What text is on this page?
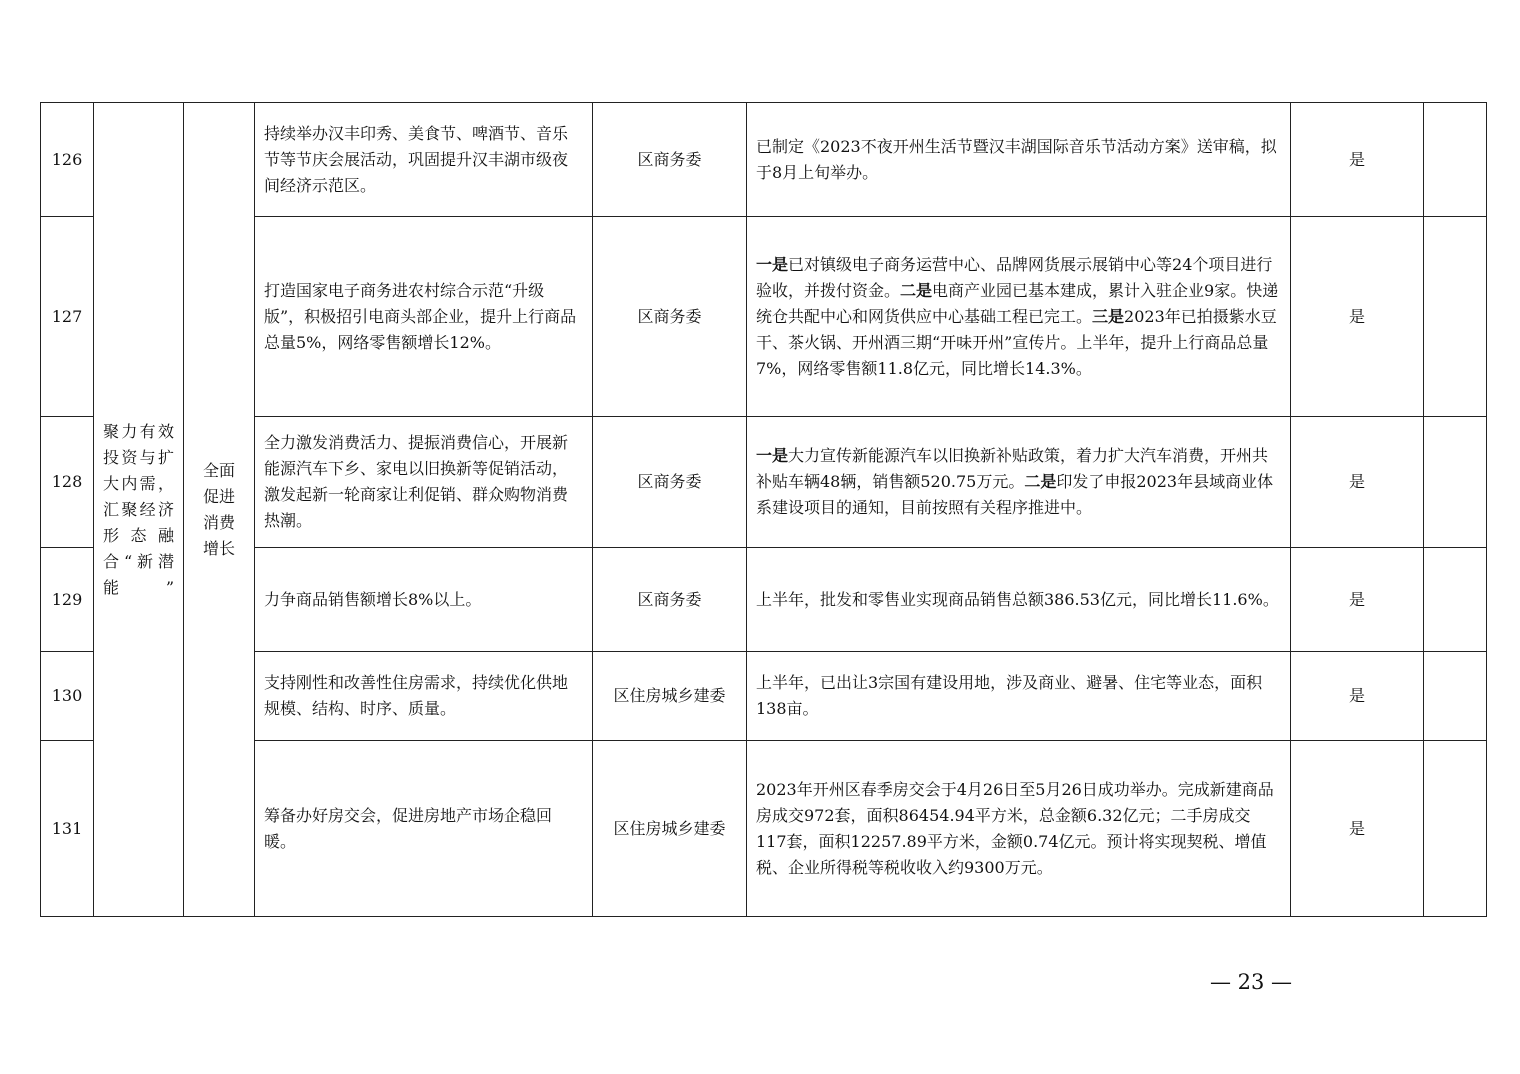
126	聚力有效投资与扩大内需，汇聚经济形态融合“新潜能”	全面促进消费增长	持续举办汉丰印秀、美食节、啤酒节、音乐节等节庆会展活动，巩固提升汉丰湖市级夜间经济示范区。	区商务委	已制定《2023不夜开州生活节暨汉丰湖国际音乐节活动方案》送审稿，拟于8月上旬举办。	是	
127			打造国家电子商务进农村综合示范“升级版”，积极招引电商头部企业，提升上行商品总量5%，网络零售额增长12%。	区商务委	一是已对镇级电子商务运营中心、品牌网货展示展销中心等24个项目进行验收，并拨付资金。二是电商产业园已基本建成，累计入驻企业9家。快递统仓共配中心和网货供应中心基础工程已完工。三是2023年已拍摄紫水豆干、茶火锅、开州酒三期“开味开州”宣传片。上半年，提升上行商品总量7%，网络零售额11.8亿元，同比增长14.3%。	是	
128			全力激发消费活力、提振消费信心，开展新能源汽车下乡、家电以旧换新等促销活动，激发起新一轮商家让利促销、群众购物消费热潮。	区商务委	一是大力宣传新能源汽车以旧换新补贴政策，着力扩大汽车消费，开州共补贴车辆48辆，销售额520.75万元。二是印发了申报2023年县域商业体系建设项目的通知，目前按照有关程序推进中。	是	
129			力争商品销售额增长8%以上。	区商务委	上半年，批发和零售业实现商品销售总额386.53亿元，同比增长11.6%。	是	
130			支持刚性和改善性住房需求，持续优化供地规模、结构、时序、质量。	区住房城乡建委	上半年，已出让3宗国有建设用地，涉及商业、避暑、住宅等业态，面积138亩。	是	
131			筹备办好房交会，促进房地产市场企稳回暖。	区住房城乡建委	2023年开州区春季房交会于4月26日至5月26日成功举办。完成新建商品房成交972套，面积86454.94平方米，总金额6.32亿元；二手房成交117套，面积12257.89平方米，金额0.74亿元。预计将实现契税、增值税、企业所得税等税收收入约9300万元。	是	
— 23 —
